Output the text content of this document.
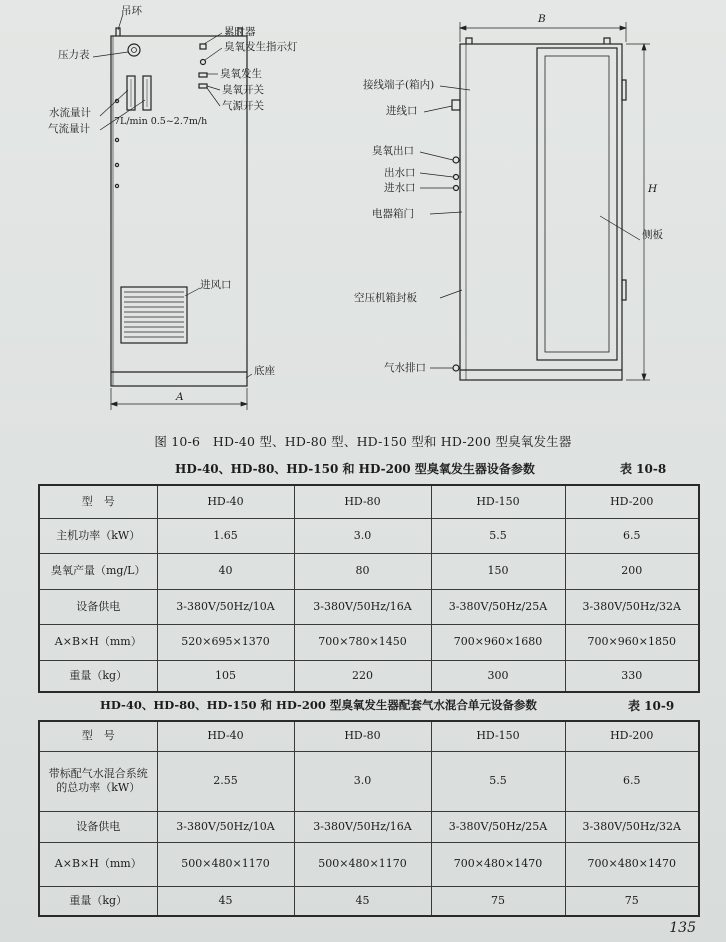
吊环
压力表
水流量计
气流量计
7L/min 0.5~2.7m/h
进风口
底座
A
累时器
臭氧发生指示灯
臭氧发生
臭氧开关
气源开关
B
H
接线端子(箱内)
进线口
臭氧出口
出水口
进水口
电器箱门
侧板
空压机箱封板
气水排口
图 10-6　HD-40 型、HD-80 型、HD-150 型和 HD-200 型臭氧发生器
HD-40、HD-80、HD-150 和 HD-200 型臭氧发生器设备参数	表 10-8
型　号	HD-40	HD-80	HD-150	HD-200
主机功率（kW）	1.65	3.0	5.5	6.5
臭氧产量（mg/L）	40	80	150	200
设备供电	3-380V/50Hz/10A	3-380V/50Hz/16A	3-380V/50Hz/25A	3-380V/50Hz/32A
A×B×H（mm）	520×695×1370	700×780×1450	700×960×1680	700×960×1850
重量（kg）	105	220	300	330
HD-40、HD-80、HD-150 和 HD-200 型臭氧发生器配套气水混合单元设备参数	表 10-9
型　号	HD-40	HD-80	HD-150	HD-200
带标配气水混合系统的总功率（kW）	2.55	3.0	5.5	6.5
设备供电	3-380V/50Hz/10A	3-380V/50Hz/16A	3-380V/50Hz/25A	3-380V/50Hz/32A
A×B×H（mm）	500×480×1170	500×480×1170	700×480×1470	700×480×1470
重量（kg）	45	45	75	75
135
